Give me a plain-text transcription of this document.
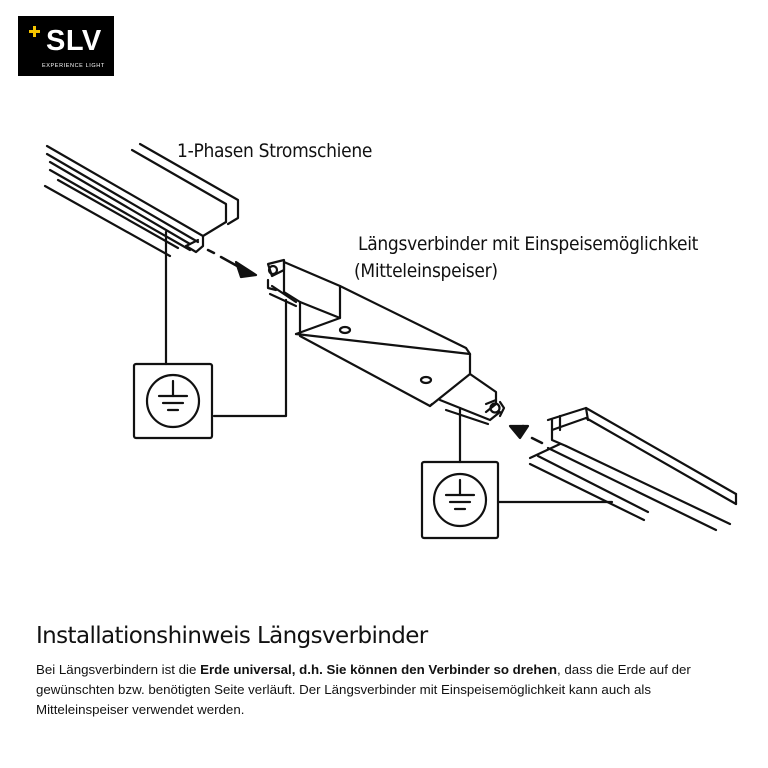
SLV
EXPERIENCE LIGHT
1-Phasen Stromschiene
Längsverbinder mit Einspeisemöglichkeit
(Mitteleinspeiser)
Installationshinweis Längsverbinder

Bei Längsverbindern ist die Erde universal, d.h. Sie können den Verbinder so drehen, dass die Erde auf der gewünschten bzw. benötigten Seite verläuft. Der Längsverbinder mit Einspeisemöglichkeit kann auch als Mitteleinspeiser verwendet werden.
